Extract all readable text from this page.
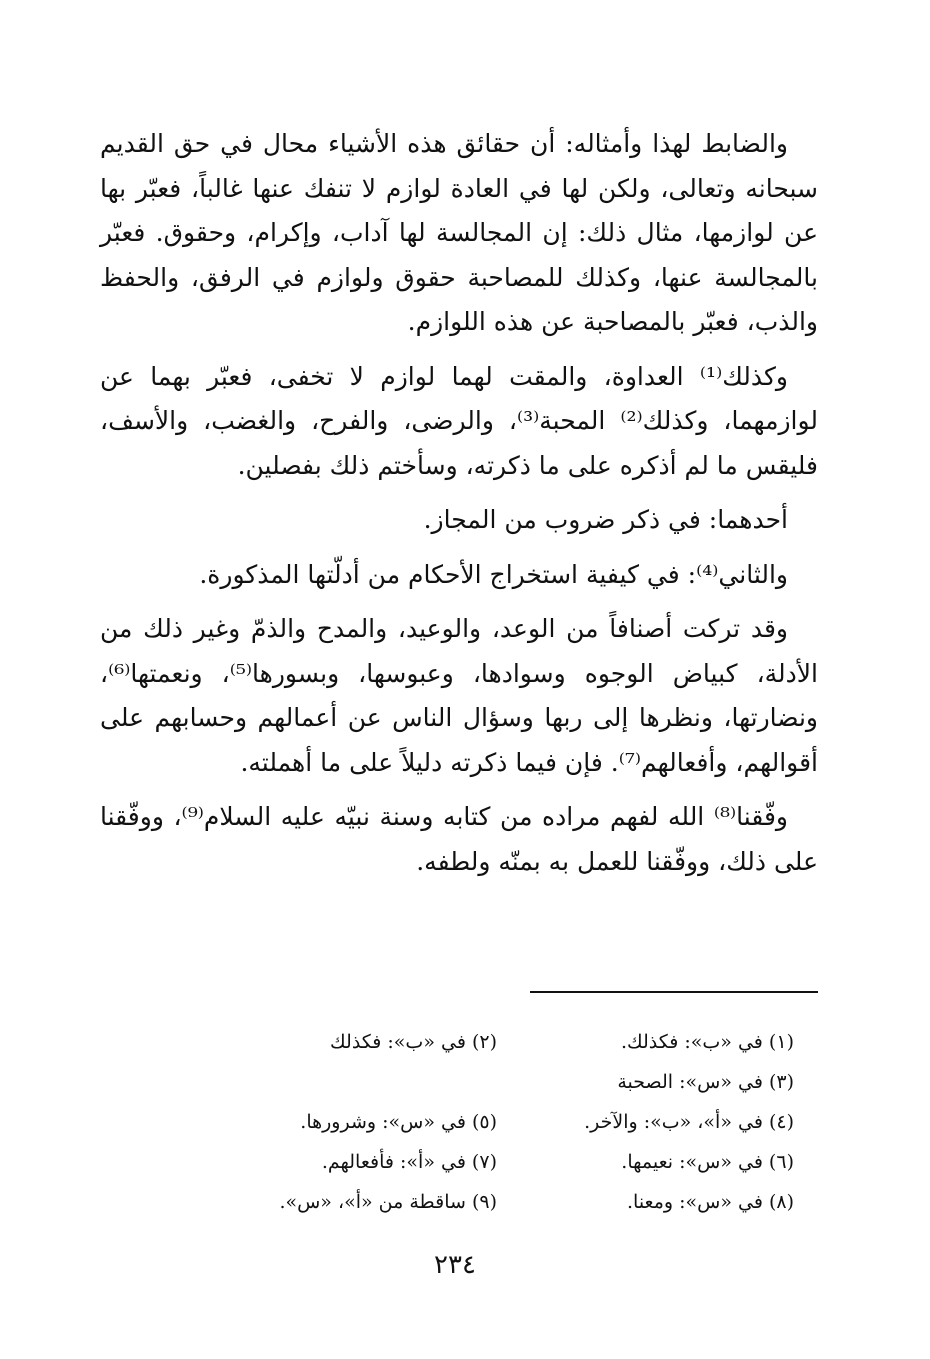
والضابط لهذا وأمثاله: أن حقائق هذه الأشياء محال في حق القديم سبحانه وتعالى، ولكن لها في العادة لوازم لا تنفك عنها غالباً، فعبّر بها عن لوازمها، مثال ذلك: إن المجالسة لها آداب، وإكرام، وحقوق. فعبّر بالمجالسة عنها، وكذلك للمصاحبة حقوق ولوازم في الرفق، والحفظ والذب، فعبّر بالمصاحبة عن هذه اللوازم.

وكذلك⁽¹⁾ العداوة، والمقت لهما لوازم لا تخفى، فعبّر بهما عن لوازمهما، وكذلك⁽²⁾ المحبة⁽³⁾، والرضى، والفرح، والغضب، والأسف، فليقس ما لم أذكره على ما ذكرته، وسأختم ذلك بفصلين.

أحدهما: في ذكر ضروب من المجاز.

والثاني⁽⁴⁾: في كيفية استخراج الأحكام من أدلّتها المذكورة.

وقد تركت أصنافاً من الوعد، والوعيد، والمدح والذمّ وغير ذلك من الأدلة، كبياض الوجوه وسوادها، وعبوسها، وبسورها⁽⁵⁾، ونعمتها⁽⁶⁾، ونضارتها، ونظرها إلى ربها وسؤال الناس عن أعمالهم وحسابهم على أقوالهم، وأفعالهم⁽⁷⁾. فإن فيما ذكرته دليلاً على ما أهملته.

وفّقنا⁽⁸⁾ الله لفهم مراده من كتابه وسنة نبيّه عليه السلام⁽⁹⁾، ووفّقنا على ذلك، ووفّقنا للعمل به بمنّه ولطفه.

(١) في «ب»: فكذلك.
(٢) في «ب»: فكذلك
(٣) في «س»: الصحبة
(٤) في «أ»، «ب»: والآخر.
(٥) في «س»: وشرورها.
(٦) في «س»: نعيمها.
(٧) في «أ»: فأفعالهم.
(٨) في «س»: ومعنا.
(٩) ساقطة من «أ»، «س».
٢٣٤
